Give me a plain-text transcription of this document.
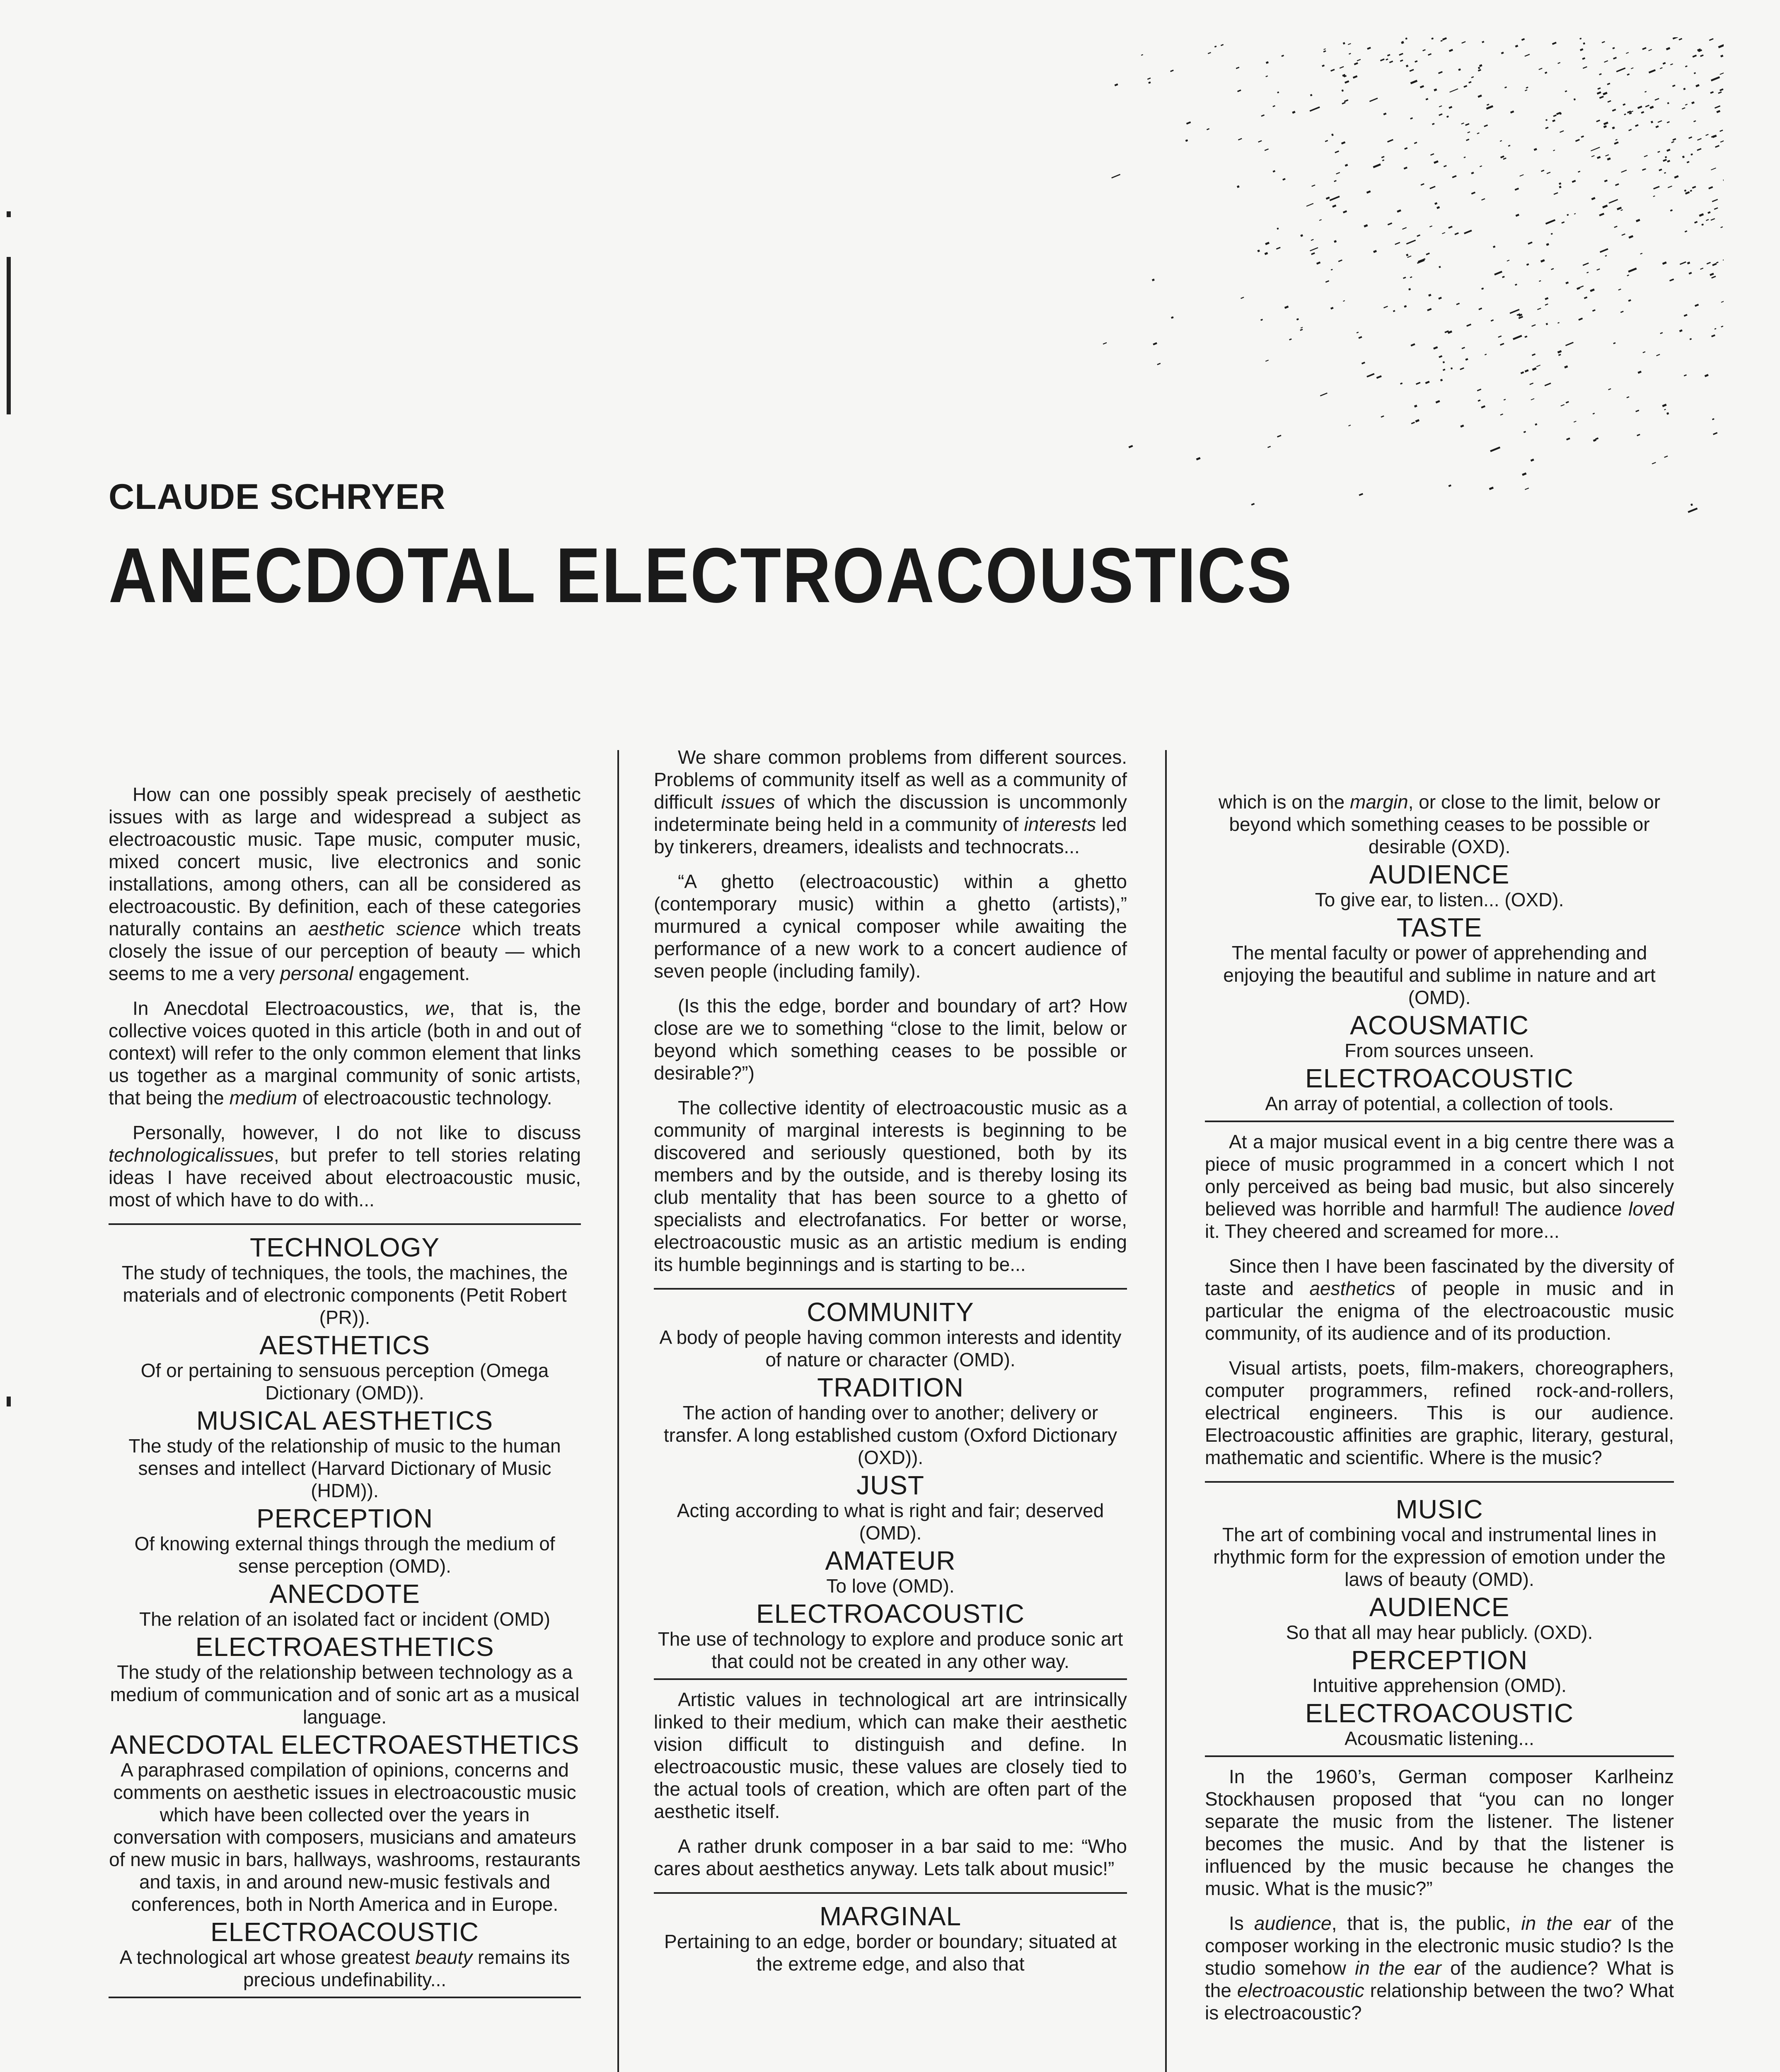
CLAUDE SCHRYER
ANECDOTAL ELECTROACOUSTICS

How can one possibly speak precisely of aesthetic issues with as large and widespread a subject as electroacoustic music. Tape music, computer music, mixed concert music, live electronics and sonic installations, among others, can all be considered as electroacoustic. By definition, each of these categories naturally contains an aesthetic science which treats closely the issue of our perception of beauty — which seems to me a very personal engagement.

In Anecdotal Electroacoustics, we, that is, the collective voices quoted in this article (both in and out of context) will refer to the only common element that links us together as a marginal community of sonic artists, that being the medium of electroacoustic technology.

Personally, however, I do not like to discuss technologicalissues, but prefer to tell stories relating ideas I have received about electroacoustic music, most of which have to do with...

TECHNOLOGY
The study of techniques, the tools, the machines, the materials and of electronic components (Petit Robert (PR)).
AESTHETICS
Of or pertaining to sensuous perception (Omega Dictionary (OMD)).
MUSICAL AESTHETICS
The study of the relationship of music to the human senses and intellect (Harvard Dictionary of Music (HDM)).
PERCEPTION
Of knowing external things through the medium of sense perception (OMD).
ANECDOTE
The relation of an isolated fact or incident (OMD)
ELECTROAESTHETICS
The study of the relationship between technology as a medium of communication and of sonic art as a musical language.
ANECDOTAL ELECTROAESTHETICS
A paraphrased compilation of opinions, concerns and comments on aesthetic issues in electroacoustic music which have been collected over the years in conversation with composers, musicians and amateurs of new music in bars, hallways, washrooms, restaurants and taxis, in and around new-music festivals and conferences, both in North America and in Europe.
ELECTROACOUSTIC
A technological art whose greatest beauty remains its precious undefinability...

We share common problems from different sources. Problems of community itself as well as a community of difficult issues of which the discussion is uncommonly indeterminate being held in a community of interests led by tinkerers, dreamers, idealists and technocrats...

“A ghetto (electroacoustic) within a ghetto (contemporary music) within a ghetto (artists),” murmured a cynical composer while awaiting the performance of a new work to a concert audience of seven people (including family).

(Is this the edge, border and boundary of art? How close are we to something “close to the limit, below or beyond which something ceases to be possible or desirable?”)

The collective identity of electroacoustic music as a community of marginal interests is beginning to be discovered and seriously questioned, both by its members and by the outside, and is thereby losing its club mentality that has been source to a ghetto of specialists and electrofanatics. For better or worse, electroacoustic music as an artistic medium is ending its humble beginnings and is starting to be...

COMMUNITY
A body of people having common interests and identity of nature or character (OMD).
TRADITION
The action of handing over to another; delivery or transfer. A long established custom (Oxford Dictionary (OXD)).
JUST
Acting according to what is right and fair; deserved (OMD).
AMATEUR
To love (OMD).
ELECTROACOUSTIC
The use of technology to explore and produce sonic art that could not be created in any other way.

Artistic values in technological art are intrinsically linked to their medium, which can make their aesthetic vision difficult to distinguish and define. In electroacoustic music, these values are closely tied to the actual tools of creation, which are often part of the aesthetic itself.

A rather drunk composer in a bar said to me: “Who cares about aesthetics anyway. Lets talk about music!”

MARGINAL
Pertaining to an edge, border or boundary; situated at the extreme edge, and also that
which is on the margin, or close to the limit, below or beyond which something ceases to be possible or desirable (OXD).
AUDIENCE
To give ear, to listen... (OXD).
TASTE
The mental faculty or power of apprehending and enjoying the beautiful and sublime in nature and art (OMD).
ACOUSMATIC
From sources unseen.
ELECTROACOUSTIC
An array of potential, a collection of tools.

At a major musical event in a big centre there was a piece of music programmed in a concert which I not only perceived as being bad music, but also sincerely believed was horrible and harmful! The audience loved it. They cheered and screamed for more...

Since then I have been fascinated by the diversity of taste and aesthetics of people in music and in particular the enigma of the electroacoustic music community, of its audience and of its production.

Visual artists, poets, film-makers, choreographers, computer programmers, refined rock-and-rollers, electrical engineers. This is our audience. Electroacoustic affinities are graphic, literary, gestural, mathematic and scientific. Where is the music?

MUSIC
The art of combining vocal and instrumental lines in rhythmic form for the expression of emotion under the laws of beauty (OMD).
AUDIENCE
So that all may hear publicly. (OXD).
PERCEPTION
Intuitive apprehension (OMD).
ELECTROACOUSTIC
Acousmatic listening...

In the 1960’s, German composer Karlheinz Stockhausen proposed that “you can no longer separate the music from the listener. The listener becomes the music. And by that the listener is influenced by the music because he changes the music. What is the music?”

Is audience, that is, the public, in the ear of the composer working in the electronic music studio? Is the studio somehow in the ear of the audience? What is the electroacoustic relationship between the two? What is electroacoustic?
